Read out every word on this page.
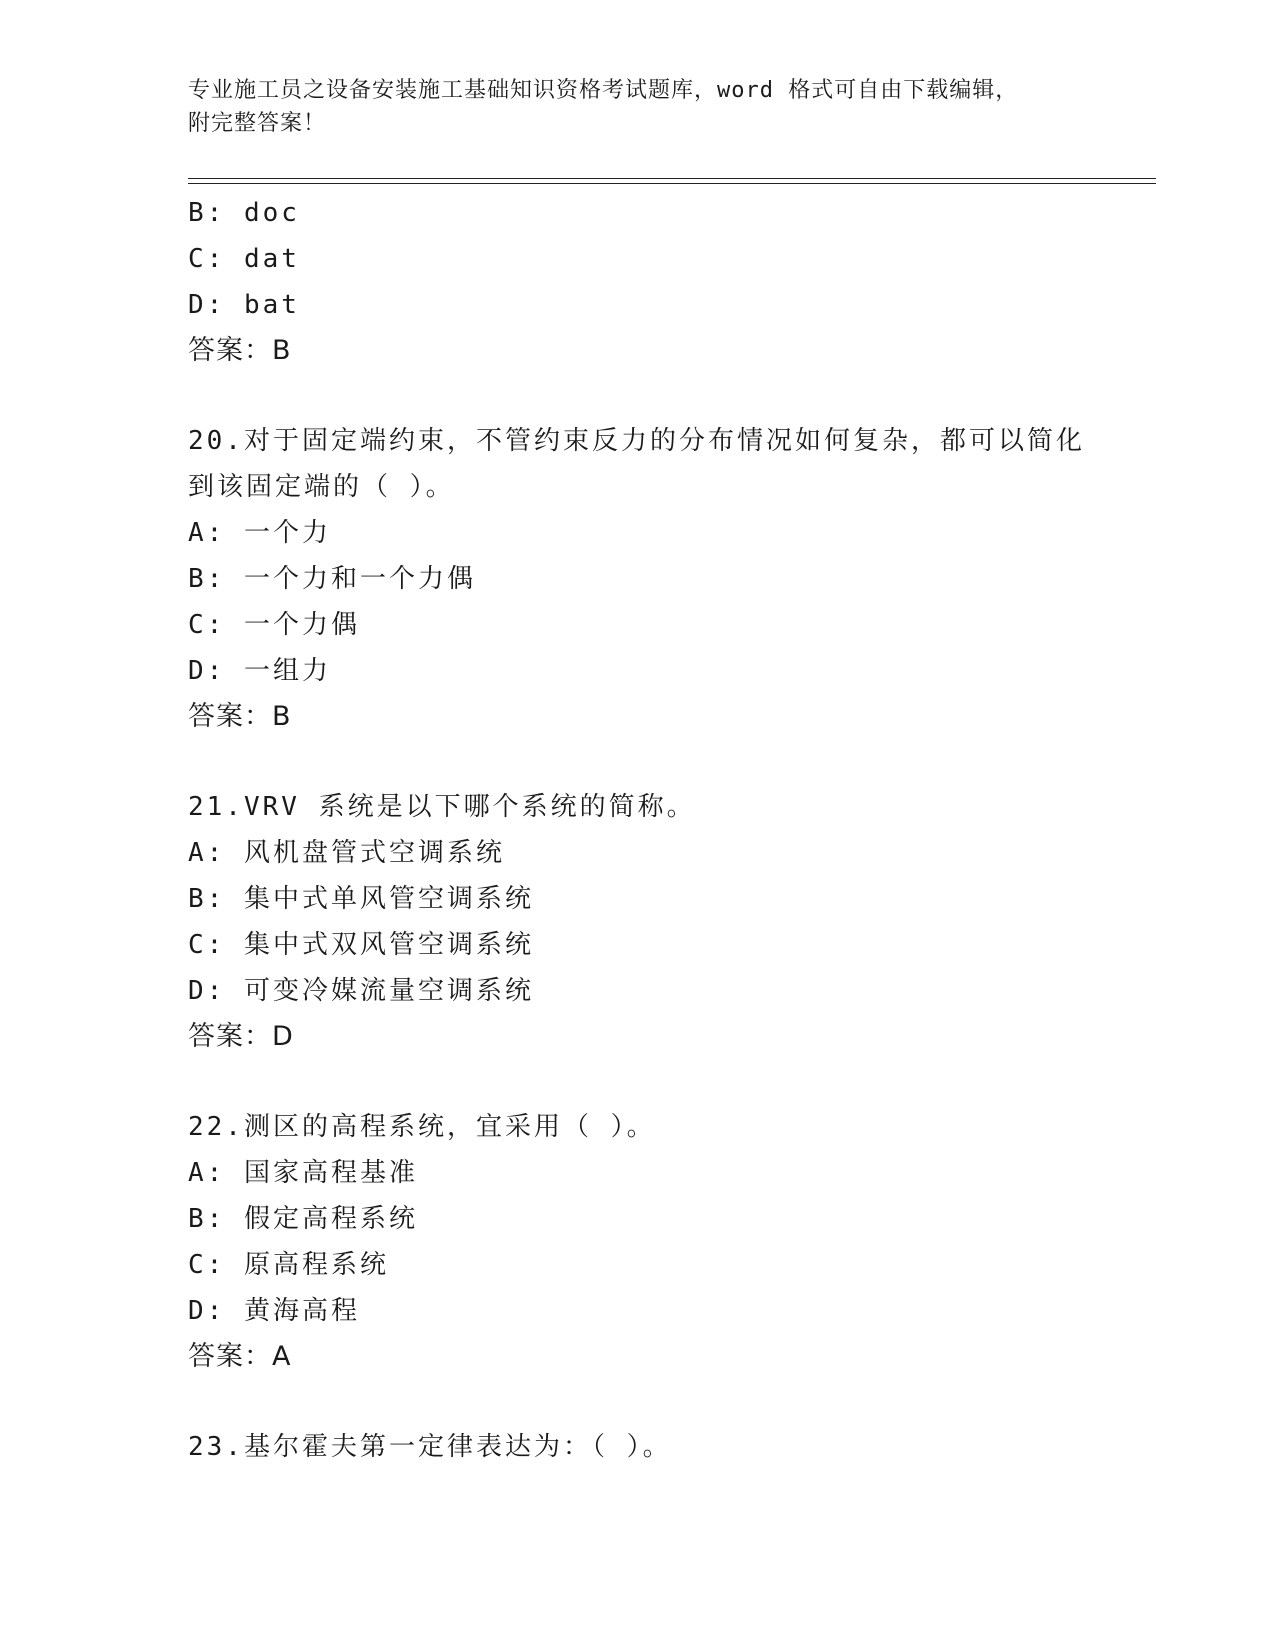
专业施工员之设备安装施工基础知识资格考试题库，word 格式可自由下载编辑，
附完整答案！
B: doc
C: dat
D: bat
答案：B
20.对于固定端约束，不管约束反力的分布情况如何复杂，都可以简化
到该固定端的（ ）。
A: 一个力
B: 一个力和一个力偶
C: 一个力偶
D: 一组力
答案：B
21.VRV 系统是以下哪个系统的简称。
A: 风机盘管式空调系统
B: 集中式单风管空调系统
C: 集中式双风管空调系统
D: 可变冷媒流量空调系统
答案：D
22.测区的高程系统，宜采用（ ）。
A: 国家高程基准
B: 假定高程系统
C: 原高程系统
D: 黄海高程
答案：A
23.基尔霍夫第一定律表达为：（ ）。
